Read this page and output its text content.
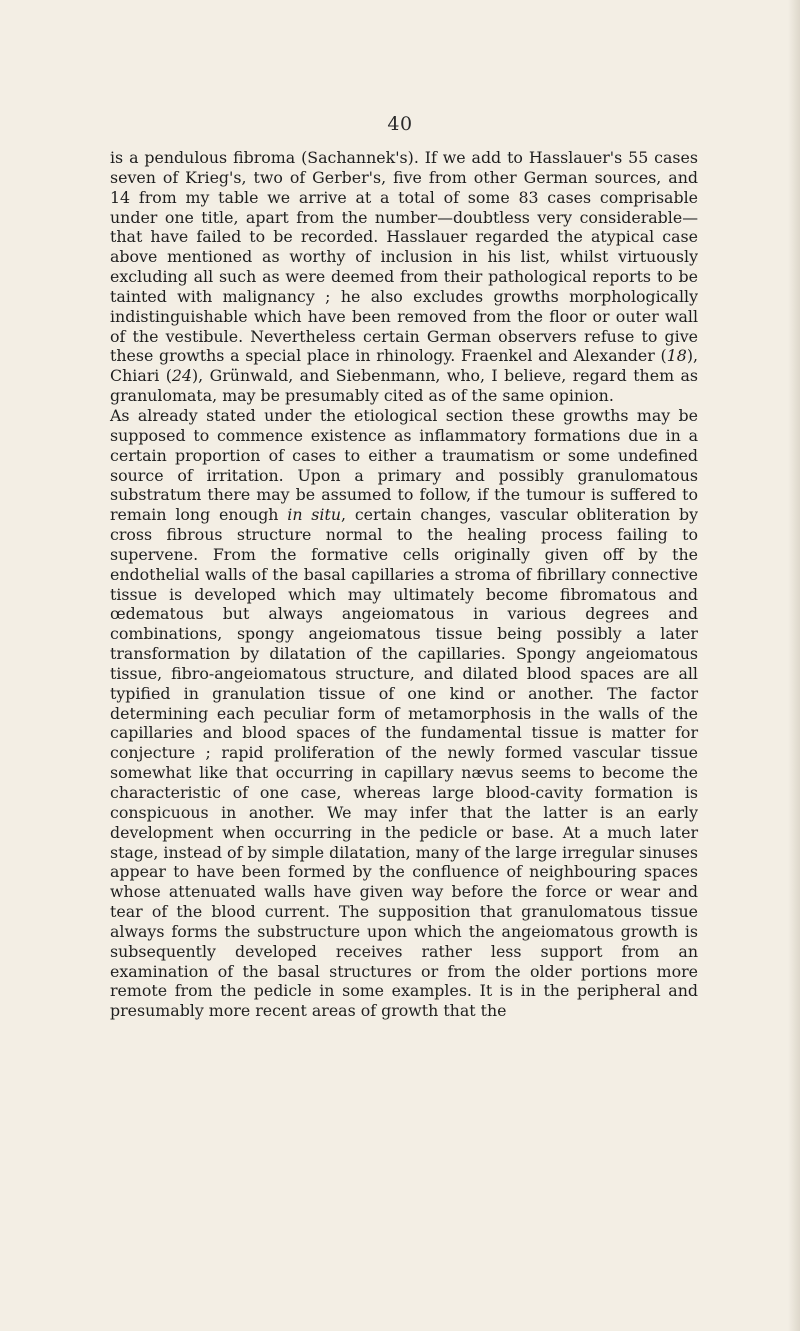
40

is a pendulous fibroma (Sachannek's). If we add to Hasslauer's 55 cases seven of Krieg's, two of Gerber's, five from other German sources, and 14 from my table we arrive at a total of some 83 cases comprisable under one title, apart from the number—doubtless very considerable—that have failed to be recorded. Hasslauer regarded the atypical case above mentioned as worthy of inclusion in his list, whilst virtuously excluding all such as were deemed from their pathological reports to be tainted with malignancy ; he also excludes growths morphologically indistinguishable which have been removed from the floor or outer wall of the vestibule. Nevertheless certain German observers refuse to give these growths a special place in rhinology. Fraenkel and Alexander (18), Chiari (24), Grünwald, and Siebenmann, who, I believe, regard them as granulomata, may be presumably cited as of the same opinion.

As already stated under the etiological section these growths may be supposed to commence existence as inflammatory formations due in a certain proportion of cases to either a traumatism or some undefined source of irritation. Upon a primary and possibly granulomatous substratum there may be assumed to follow, if the tumour is suffered to remain long enough in situ, certain changes, vascular obliteration by cross fibrous structure normal to the healing process failing to supervene. From the formative cells originally given off by the endothelial walls of the basal capillaries a stroma of fibrillary connective tissue is developed which may ultimately become fibromatous and œdematous but always angeiomatous in various degrees and combinations, spongy angeiomatous tissue being possibly a later transformation by dilatation of the capillaries. Spongy angeiomatous tissue, fibro-angeiomatous structure, and dilated blood spaces are all typified in granulation tissue of one kind or another. The factor determining each peculiar form of metamorphosis in the walls of the capillaries and blood spaces of the fundamental tissue is matter for conjecture ; rapid proliferation of the newly formed vascular tissue somewhat like that occurring in capillary nævus seems to become the characteristic of one case, whereas large blood-cavity formation is conspicuous in another. We may infer that the latter is an early development when occurring in the pedicle or base. At a much later stage, instead of by simple dilatation, many of the large irregular sinuses appear to have been formed by the confluence of neighbouring spaces whose attenuated walls have given way before the force or wear and tear of the blood current. The supposition that granulomatous tissue always forms the substructure upon which the angeiomatous growth is subsequently developed receives rather less support from an examination of the basal structures or from the older portions more remote from the pedicle in some examples. It is in the peripheral and presumably more recent areas of growth that the
